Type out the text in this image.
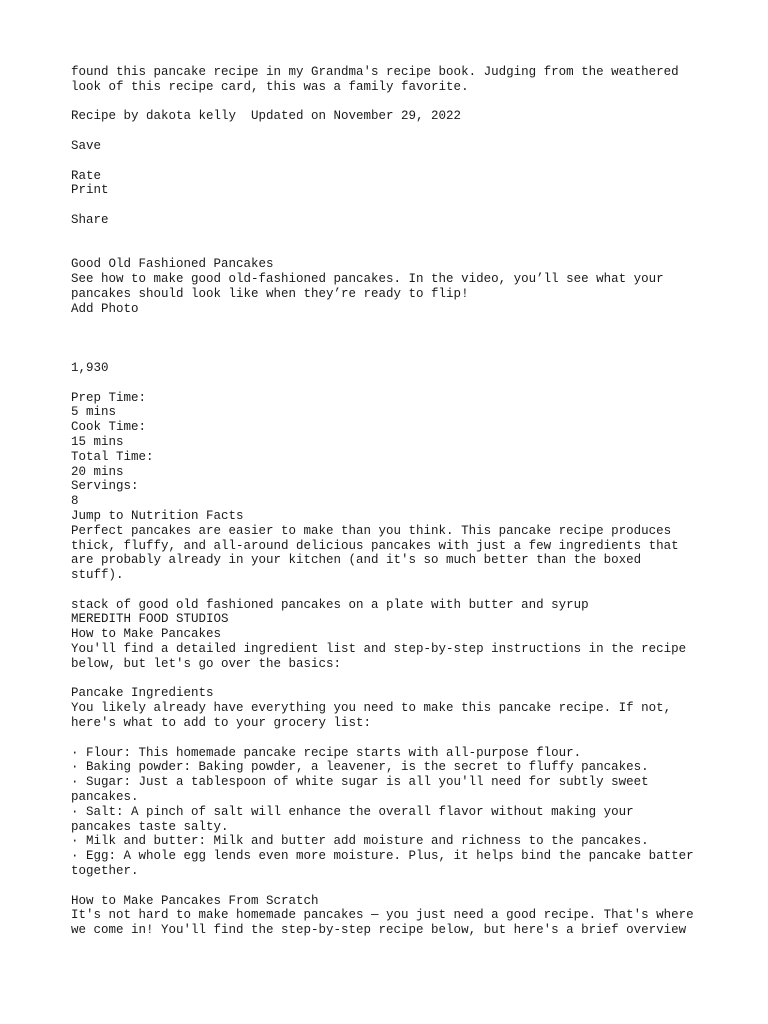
found this pancake recipe in my Grandma's recipe book. Judging from the weathered
look of this recipe card, this was a family favorite.
Recipe by dakota kelly  Updated on November 29, 2022
Save
Rate
Print
Share
Good Old Fashioned Pancakes
See how to make good old-fashioned pancakes. In the video, you’ll see what your
pancakes should look like when they’re ready to flip!
Add Photo
1,930
Prep Time:
5 mins
Cook Time:
15 mins
Total Time:
20 mins
Servings:
8
Jump to Nutrition Facts
Perfect pancakes are easier to make than you think. This pancake recipe produces
thick, fluffy, and all-around delicious pancakes with just a few ingredients that
are probably already in your kitchen (and it's so much better than the boxed
stuff).
stack of good old fashioned pancakes on a plate with butter and syrup
MEREDITH FOOD STUDIOS
How to Make Pancakes
You'll find a detailed ingredient list and step-by-step instructions in the recipe
below, but let's go over the basics:
Pancake Ingredients
You likely already have everything you need to make this pancake recipe. If not,
here's what to add to your grocery list:
· Flour: This homemade pancake recipe starts with all-purpose flour.
· Baking powder: Baking powder, a leavener, is the secret to fluffy pancakes.
· Sugar: Just a tablespoon of white sugar is all you'll need for subtly sweet
pancakes.
· Salt: A pinch of salt will enhance the overall flavor without making your
pancakes taste salty.
· Milk and butter: Milk and butter add moisture and richness to the pancakes.
· Egg: A whole egg lends even more moisture. Plus, it helps bind the pancake batter
together.
How to Make Pancakes From Scratch
It's not hard to make homemade pancakes — you just need a good recipe. That's where
we come in! You'll find the step-by-step recipe below, but here's a brief overview
